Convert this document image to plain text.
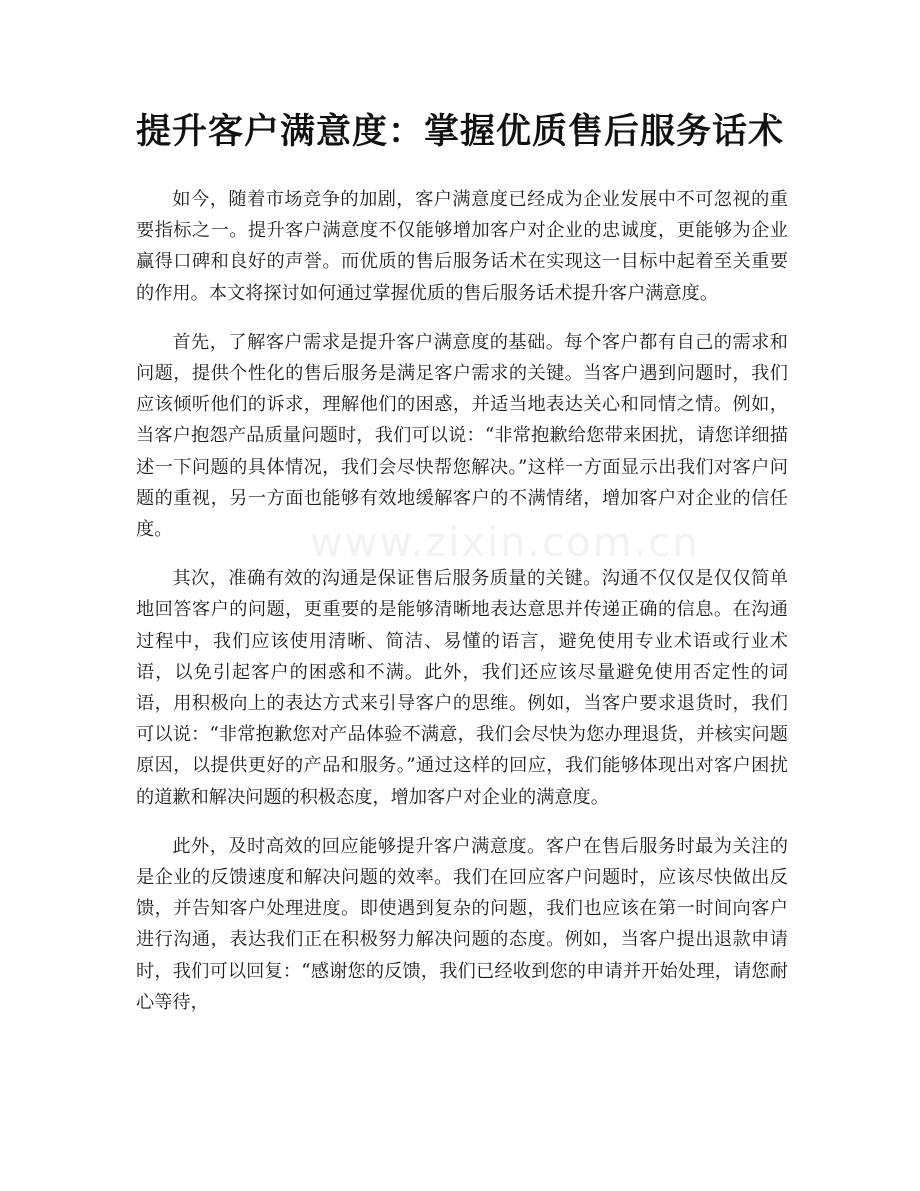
提升客户满意度：掌握优质售后服务话术

如今，随着市场竞争的加剧，客户满意度已经成为企业发展中不可忽视的重要指标之一。提升客户满意度不仅能够增加客户对企业的忠诚度，更能够为企业赢得口碑和良好的声誉。而优质的售后服务话术在实现这一目标中起着至关重要的作用。本文将探讨如何通过掌握优质的售后服务话术提升客户满意度。

首先，了解客户需求是提升客户满意度的基础。每个客户都有自己的需求和问题，提供个性化的售后服务是满足客户需求的关键。当客户遇到问题时，我们应该倾听他们的诉求，理解他们的困惑，并适当地表达关心和同情之情。例如，当客户抱怨产品质量问题时，我们可以说：“非常抱歉给您带来困扰，请您详细描述一下问题的具体情况，我们会尽快帮您解决。”这样一方面显示出我们对客户问题的重视，另一方面也能够有效地缓解客户的不满情绪，增加客户对企业的信任度。

其次，准确有效的沟通是保证售后服务质量的关键。沟通不仅仅是仅仅简单地回答客户的问题，更重要的是能够清晰地表达意思并传递正确的信息。在沟通过程中，我们应该使用清晰、简洁、易懂的语言，避免使用专业术语或行业术语，以免引起客户的困惑和不满。此外，我们还应该尽量避免使用否定性的词语，用积极向上的表达方式来引导客户的思维。例如，当客户要求退货时，我们可以说：“非常抱歉您对产品体验不满意，我们会尽快为您办理退货，并核实问题原因，以提供更好的产品和服务。”通过这样的回应，我们能够体现出对客户困扰的道歉和解决问题的积极态度，增加客户对企业的满意度。

此外，及时高效的回应能够提升客户满意度。客户在售后服务时最为关注的是企业的反馈速度和解决问题的效率。我们在回应客户问题时，应该尽快做出反馈，并告知客户处理进度。即使遇到复杂的问题，我们也应该在第一时间向客户进行沟通，表达我们正在积极努力解决问题的态度。例如，当客户提出退款申请时，我们可以回复：“感谢您的反馈，我们已经收到您的申请并开始处理，请您耐心等待，

www.zixin.com.cn
